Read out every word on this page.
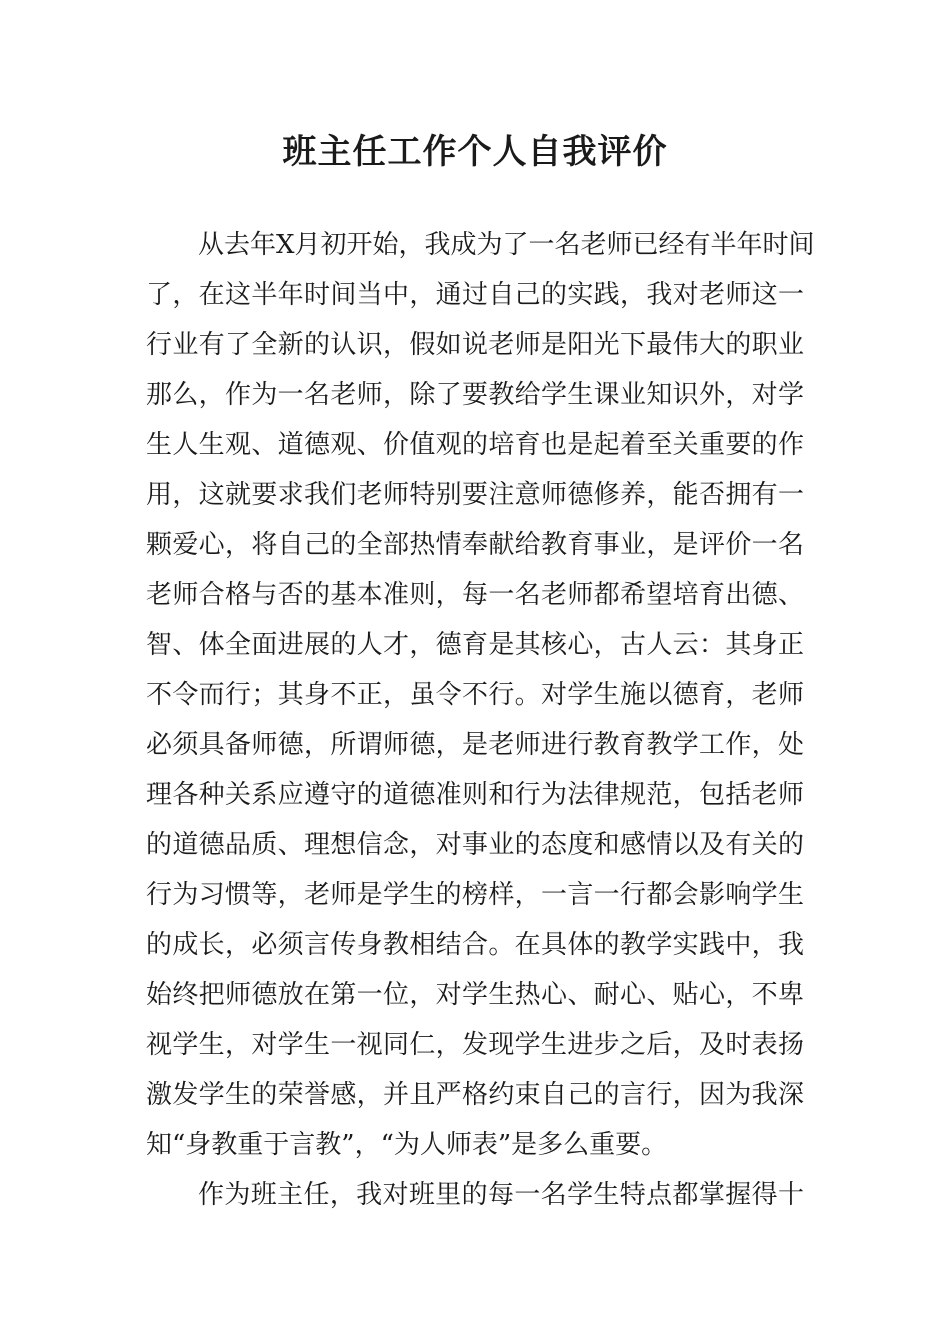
班主任工作个人自我评价
从去年X月初开始，我成为了一名老师已经有半年时间
了，在这半年时间当中，通过自己的实践，我对老师这一
行业有了全新的认识，假如说老师是阳光下最伟大的职业
那么，作为一名老师，除了要教给学生课业知识外，对学
生人生观、道德观、价值观的培育也是起着至关重要的作
用，这就要求我们老师特别要注意师德修养，能否拥有一
颗爱心，将自己的全部热情奉献给教育事业，是评价一名
老师合格与否的基本准则，每一名老师都希望培育出德、
智、体全面进展的人才，德育是其核心，古人云：其身正
不令而行；其身不正，虽令不行。对学生施以德育，老师
必须具备师德，所谓师德，是老师进行教育教学工作，处
理各种关系应遵守的道德准则和行为法律规范，包括老师
的道德品质、理想信念，对事业的态度和感情以及有关的
行为习惯等，老师是学生的榜样，一言一行都会影响学生
的成长，必须言传身教相结合。在具体的教学实践中，我
始终把师德放在第一位，对学生热心、耐心、贴心，不卑
视学生，对学生一视同仁，发现学生进步之后，及时表扬
激发学生的荣誉感，并且严格约束自己的言行，因为我深
知“身教重于言教”，“为人师表”是多么重要。
作为班主任，我对班里的每一名学生特点都掌握得十
